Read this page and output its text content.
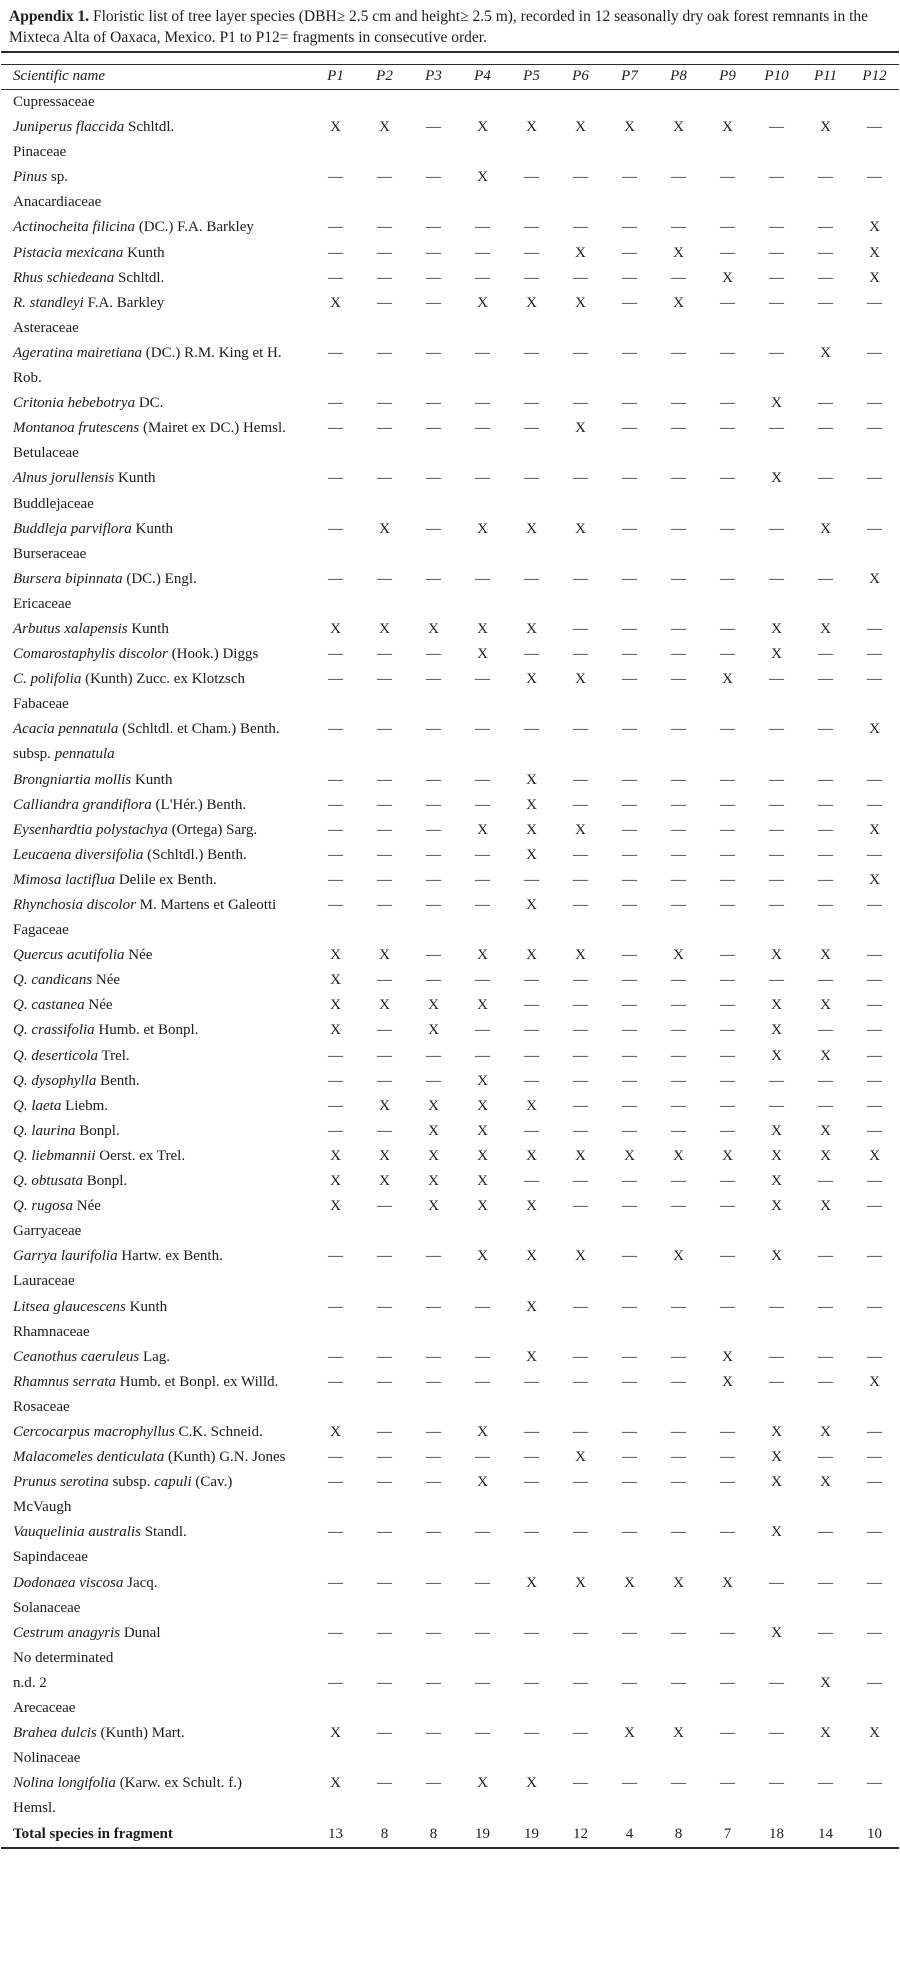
Appendix 1. Floristic list of tree layer species (DBH≥ 2.5 cm and height≥ 2.5 m), recorded in 12 seasonally dry oak forest remnants in the Mixteca Alta of Oaxaca, Mexico. P1 to P12= fragments in consecutive order.

Scientific name	P1	P2	P3	P4	P5	P6	P7	P8	P9	P10	P11	P12
Cupressaceae												
Juniperus flaccida Schltdl.	X	X	—	X	X	X	X	X	X	—	X	—
Pinaceae												
Pinus sp.	—	—	—	X	—	—	—	—	—	—	—	—
Anacardiaceae												
Actinocheita filicina (DC.) F.A. Barkley	—	—	—	—	—	—	—	—	—	—	—	X
Pistacia mexicana Kunth	—	—	—	—	—	X	—	X	—	—	—	X
Rhus schiedeana Schltdl.	—	—	—	—	—	—	—	—	X	—	—	X
R. standleyi F.A. Barkley	X	—	—	X	X	X	—	X	—	—	—	—
Asteraceae												
Ageratina mairetiana (DC.) R.M. King et H. Rob.	—	—	—	—	—	—	—	—	—	—	X	—
Critonia hebebotrya DC.	—	—	—	—	—	—	—	—	—	X	—	—
Montanoa frutescens (Mairet ex DC.) Hemsl.	—	—	—	—	—	X	—	—	—	—	—	—
Betulaceae												
Alnus jorullensis Kunth	—	—	—	—	—	—	—	—	—	X	—	—
Buddlejaceae												
Buddleja parviflora Kunth	—	X	—	X	X	X	—	—	—	—	X	—
Burseraceae												
Bursera bipinnata (DC.) Engl.	—	—	—	—	—	—	—	—	—	—	—	X
Ericaceae												
Arbutus xalapensis Kunth	X	X	X	X	X	—	—	—	—	X	X	—
Comarostaphylis discolor (Hook.) Diggs	—	—	—	X	—	—	—	—	—	X	—	—
C. polifolia (Kunth) Zucc. ex Klotzsch	—	—	—	—	X	X	—	—	X	—	—	—
Fabaceae												
Acacia pennatula (Schltdl. et Cham.) Benth. subsp. pennatula	—	—	—	—	—	—	—	—	—	—	—	X
Brongniartia mollis Kunth	—	—	—	—	X	—	—	—	—	—	—	—
Calliandra grandiflora (L'Hér.) Benth.	—	—	—	—	X	—	—	—	—	—	—	—
Eysenhardtia polystachya (Ortega) Sarg.	—	—	—	X	X	X	—	—	—	—	—	X
Leucaena diversifolia (Schltdl.) Benth.	—	—	—	—	X	—	—	—	—	—	—	—
Mimosa lactiflua Delile ex Benth.	—	—	—	—	—	—	—	—	—	—	—	X
Rhynchosia discolor M. Martens et Galeotti	—	—	—	—	X	—	—	—	—	—	—	—
Fagaceae												
Quercus acutifolia Née	X	X	—	X	X	X	—	X	—	X	X	—
Q. candicans Née	X	—	—	—	—	—	—	—	—	—	—	—
Q. castanea Née	X	X	X	X	—	—	—	—	—	X	X	—
Q. crassifolia Humb. et Bonpl.	X	—	X	—	—	—	—	—	—	X	—	—
Q. deserticola Trel.	—	—	—	—	—	—	—	—	—	X	X	—
Q. dysophylla Benth.	—	—	—	X	—	—	—	—	—	—	—	—
Q. laeta Liebm.	—	X	X	X	X	—	—	—	—	—	—	—
Q. laurina Bonpl.	—	—	X	X	—	—	—	—	—	X	X	—
Q. liebmannii Oerst. ex Trel.	X	X	X	X	X	X	X	X	X	X	X	X
Q. obtusata Bonpl.	X	X	X	X	—	—	—	—	—	X	—	—
Q. rugosa Née	X	—	X	X	X	—	—	—	—	X	X	—
Garryaceae												
Garrya laurifolia Hartw. ex Benth.	—	—	—	X	X	X	—	X	—	X	—	—
Lauraceae												
Litsea glaucescens Kunth	—	—	—	—	X	—	—	—	—	—	—	—
Rhamnaceae												
Ceanothus caeruleus Lag.	—	—	—	—	X	—	—	—	X	—	—	—
Rhamnus serrata Humb. et Bonpl. ex Willd.	—	—	—	—	—	—	—	—	X	—	—	X
Rosaceae												
Cercocarpus macrophyllus C.K. Schneid.	X	—	—	X	—	—	—	—	—	X	X	—
Malacomeles denticulata (Kunth) G.N. Jones	—	—	—	—	—	X	—	—	—	X	—	—
Prunus serotina subsp. capuli (Cav.) McVaugh	—	—	—	X	—	—	—	—	—	X	X	—
Vauquelinia australis Standl.	—	—	—	—	—	—	—	—	—	X	—	—
Sapindaceae												
Dodonaea viscosa Jacq.	—	—	—	—	X	X	X	X	X	—	—	—
Solanaceae												
Cestrum anagyris Dunal	—	—	—	—	—	—	—	—	—	X	—	—
No determinated												
n.d. 2	—	—	—	—	—	—	—	—	—	—	X	—
Arecaceae												
Brahea dulcis (Kunth) Mart.	X	—	—	—	—	—	X	X	—	—	X	X
Nolinaceae												
Nolina longifolia (Karw. ex Schult. f.) Hemsl.	X	—	—	X	X	—	—	—	—	—	—	—
Total species in fragment	13	8	8	19	19	12	4	8	7	18	14	10
